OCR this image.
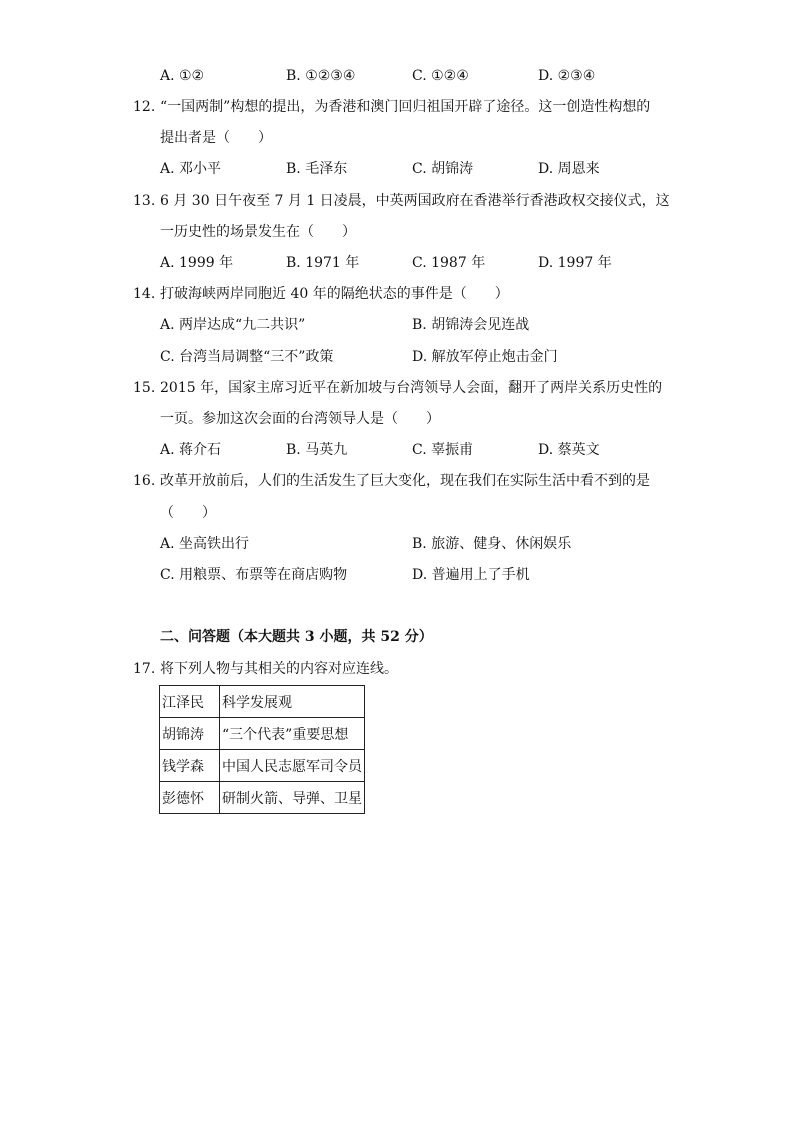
A. ①②	B. ①②③④	C. ①②④	D. ②③④
12. “一国两制”构想的提出，为香港和澳门回归祖国开辟了途径。这一创造性构想的
提出者是（　　）
A. 邓小平	B. 毛泽东	C. 胡锦涛	D. 周恩来
13. 6 月 30 日午夜至 7 月 1 日凌晨，中英两国政府在香港举行香港政权交接仪式，这
一历史性的场景发生在（　　）
A. 1999 年	B. 1971 年	C. 1987 年	D. 1997 年
14. 打破海峡两岸同胞近 40 年的隔绝状态的事件是（　　）
A. 两岸达成“九二共识”	B. 胡锦涛会见连战
C. 台湾当局调整“三不”政策	D. 解放军停止炮击金门
15. 2015 年，国家主席习近平在新加坡与台湾领导人会面，翻开了两岸关系历史性的
一页。参加这次会面的台湾领导人是（　　）
A. 蒋介石	B. 马英九	C. 辜振甫	D. 蔡英文
16. 改革开放前后，人们的生活发生了巨大变化，现在我们在实际生活中看不到的是
（　　）
A. 坐高铁出行	B. 旅游、健身、休闲娱乐
C. 用粮票、布票等在商店购物	D. 普遍用上了手机
二、问答题（本大题共 3 小题，共 52 分）
17. 将下列人物与其相关的内容对应连线。
江泽民	科学发展观
胡锦涛	“三个代表”重要思想
钱学森	中国人民志愿军司令员
彭德怀	研制火箭、导弹、卫星
